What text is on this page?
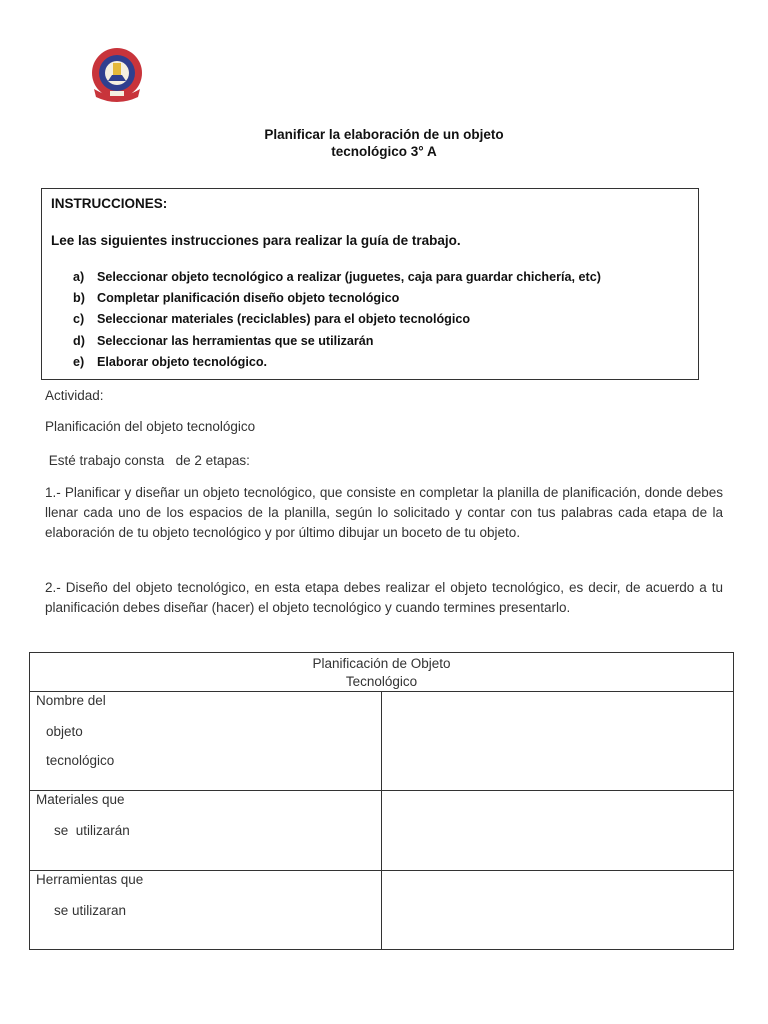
Planificar la elaboración de un objeto
tecnológico 3° A
INSTRUCCIONES:
Lee las siguientes instrucciones para realizar la guía de trabajo.
a) Seleccionar objeto tecnológico a realizar (juguetes, caja para guardar chichería, etc)
b) Completar planificación diseño objeto tecnológico
c) Seleccionar materiales (reciclables) para el objeto tecnológico
d) Seleccionar las herramientas que se utilizarán
e) Elaborar objeto tecnológico.
Actividad:
Planificación del objeto tecnológico
Esté trabajo consta   de 2 etapas:
1.- Planificar y diseñar un objeto tecnológico, que consiste en completar la planilla de planificación, donde debes llenar cada uno de los espacios de la planilla, según lo solicitado y contar con tus palabras cada etapa de la elaboración de tu objeto tecnológico y por último dibujar un boceto de tu objeto.
2.- Diseño del objeto tecnológico, en esta etapa debes realizar el objeto tecnológico, es decir, de acuerdo a tu planificación debes diseñar (hacer) el objeto tecnológico y cuando termines presentarlo.
Planificación de Objeto
Tecnológico	

Nombre del
objeto
tecnológico	

Materiales que
se  utilizarán	

Herramientas que
se utilizaran	
